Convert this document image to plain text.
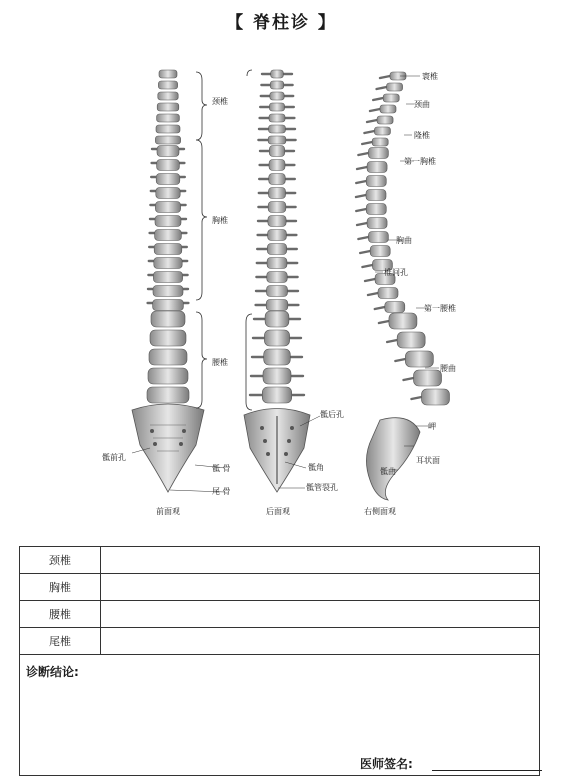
【 脊柱诊 】
颈椎
胸椎
腰椎
骶前孔
骶 骨
尾 骨
骶后孔
骶角
骶管裂孔
寰椎
颈曲
隆椎
第一胸椎
胸曲
椎间孔
第一腰椎
腰曲
岬
耳状面
骶曲
前面观	后面观	右侧面观
颈椎	
胸椎	
腰椎	
尾椎	
诊断结论:	
医师签名:
